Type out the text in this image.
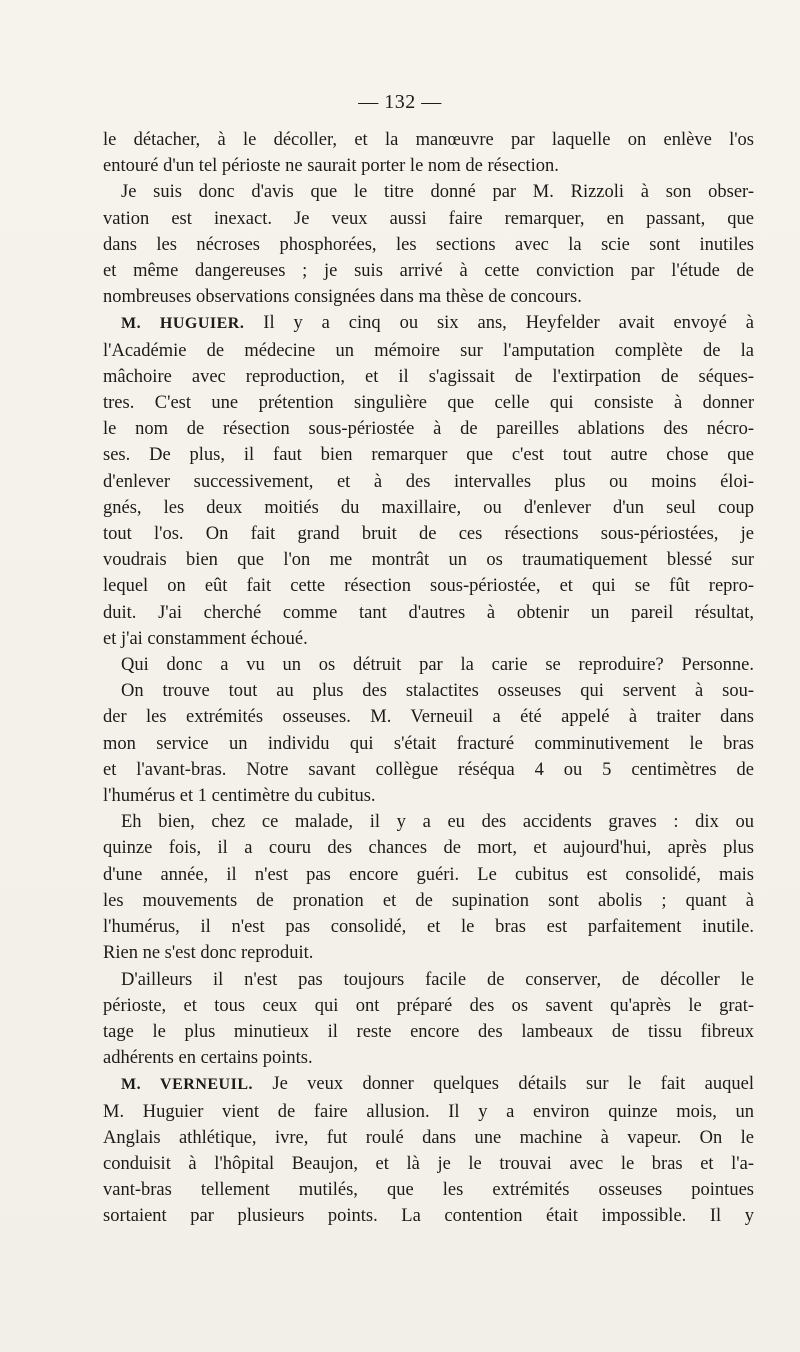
— 132 —
le détacher, à le décoller, et la manœuvre par laquelle on enlève l'os
entouré d'un tel périoste ne saurait porter le nom de résection.
Je suis donc d'avis que le titre donné par M. Rizzoli à son obser-
vation est inexact. Je veux aussi faire remarquer, en passant, que
dans les nécroses phosphorées, les sections avec la scie sont inutiles
et même dangereuses ; je suis arrivé à cette conviction par l'étude de
nombreuses observations consignées dans ma thèse de concours.
M. HUGUIER. Il y a cinq ou six ans, Heyfelder avait envoyé à
l'Académie de médecine un mémoire sur l'amputation complète de la
mâchoire avec reproduction, et il s'agissait de l'extirpation de séques-
tres. C'est une prétention singulière que celle qui consiste à donner
le nom de résection sous-périostée à de pareilles ablations des nécro-
ses. De plus, il faut bien remarquer que c'est tout autre chose que
d'enlever successivement, et à des intervalles plus ou moins éloi-
gnés, les deux moitiés du maxillaire, ou d'enlever d'un seul coup
tout l'os. On fait grand bruit de ces résections sous-périostées, je
voudrais bien que l'on me montrât un os traumatiquement blessé sur
lequel on eût fait cette résection sous-périostée, et qui se fût repro-
duit. J'ai cherché comme tant d'autres à obtenir un pareil résultat,
et j'ai constamment échoué.
Qui donc a vu un os détruit par la carie se reproduire? Personne.
On trouve tout au plus des stalactites osseuses qui servent à sou-
der les extrémités osseuses. M. Verneuil a été appelé à traiter dans
mon service un individu qui s'était fracturé comminutivement le bras
et l'avant-bras. Notre savant collègue réséqua 4 ou 5 centimètres de
l'humérus et 1 centimètre du cubitus.
Eh bien, chez ce malade, il y a eu des accidents graves : dix ou
quinze fois, il a couru des chances de mort, et aujourd'hui, après plus
d'une année, il n'est pas encore guéri. Le cubitus est consolidé, mais
les mouvements de pronation et de supination sont abolis ; quant à
l'humérus, il n'est pas consolidé, et le bras est parfaitement inutile.
Rien ne s'est donc reproduit.
D'ailleurs il n'est pas toujours facile de conserver, de décoller le
périoste, et tous ceux qui ont préparé des os savent qu'après le grat-
tage le plus minutieux il reste encore des lambeaux de tissu fibreux
adhérents en certains points.
M. VERNEUIL. Je veux donner quelques détails sur le fait auquel
M. Huguier vient de faire allusion. Il y a environ quinze mois, un
Anglais athlétique, ivre, fut roulé dans une machine à vapeur. On le
conduisit à l'hôpital Beaujon, et là je le trouvai avec le bras et l'a-
vant-bras tellement mutilés, que les extrémités osseuses pointues
sortaient par plusieurs points. La contention était impossible. Il y
